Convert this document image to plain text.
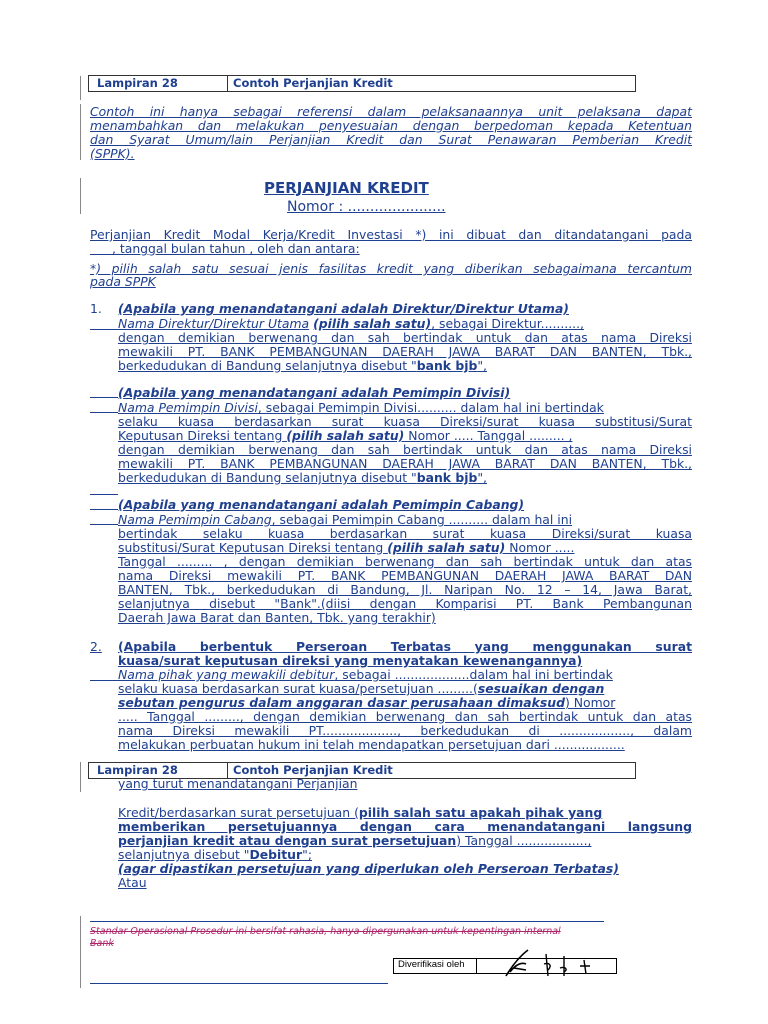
Lampiran 28	Contoh Perjanjian Kredit
Contoh ini hanya sebagai referensi dalam pelaksanaannya unit pelaksana dapat
menambahkan dan melakukan penyesuaian dengan berpedoman kepada Ketentuan
dan Syarat Umum/lain Perjanjian Kredit dan Surat Penawaran Pemberian Kredit
(SPPK).
PERJANJIAN KREDIT
Nomor : ......................
Perjanjian Kredit Modal Kerja/Kredit Investasi *) ini dibuat dan ditandatangani pada
, tanggal bulan tahun , oleh dan antara:
*) pilih salah satu sesuai jenis fasilitas kredit yang diberikan sebagaimana tercantum
pada SPPK
1. (Apabila yang menandatangani adalah Direktur/Direktur Utama)
Nama Direktur/Direktur Utama (pilih salah satu), sebagai Direktur..........,
dengan demikian berwenang dan sah bertindak untuk dan atas nama Direksi
mewakili PT. BANK PEMBANGUNAN DAERAH JAWA BARAT DAN BANTEN, Tbk.,
berkedudukan di Bandung selanjutnya disebut "bank bjb",
(Apabila yang menandatangani adalah Pemimpin Divisi)
Nama Pemimpin Divisi, sebagai Pemimpin Divisi.......... dalam hal ini bertindak
selaku kuasa berdasarkan surat kuasa Direksi/surat kuasa substitusi/Surat
Keputusan Direksi tentang (pilih salah satu) Nomor ..... Tanggal ......... ,
dengan demikian berwenang dan sah bertindak untuk dan atas nama Direksi
mewakili PT. BANK PEMBANGUNAN DAERAH JAWA BARAT DAN BANTEN, Tbk.,
berkedudukan di Bandung selanjutnya disebut "bank bjb",
(Apabila yang menandatangani adalah Pemimpin Cabang)
Nama Pemimpin Cabang, sebagai Pemimpin Cabang .......... dalam hal ini
bertindak selaku kuasa berdasarkan surat kuasa Direksi/surat kuasa
substitusi/Surat Keputusan Direksi tentang (pilih salah satu) Nomor .....
Tanggal ......... , dengan demikian berwenang dan sah bertindak untuk dan atas
nama Direksi mewakili PT. BANK PEMBANGUNAN DAERAH JAWA BARAT DAN
BANTEN, Tbk., berkedudukan di Bandung, Jl. Naripan No. 12 – 14, Jawa Barat,
selanjutnya disebut "Bank".(diisi dengan Komparisi PT. Bank Pembangunan
Daerah Jawa Barat dan Banten, Tbk. yang terakhir)
2. (Apabila berbentuk Perseroan Terbatas yang menggunakan surat
kuasa/surat keputusan direksi yang menyatakan kewenangannya)
Nama pihak yang mewakili debitur, sebagai ...................dalam hal ini bertindak
selaku kuasa berdasarkan surat kuasa/persetujuan .........(sesuaikan dengan
sebutan pengurus dalam anggaran dasar perusahaan dimaksud) Nomor
..... Tanggal ........., dengan demikian berwenang dan sah bertindak untuk dan atas
nama Direksi mewakili PT..................., berkedudukan di .................., dalam
melakukan perbuatan hukum ini telah mendapatkan persetujuan dari ..................
Lampiran 28	Contoh Perjanjian Kredit
yang turut menandatangani Perjanjian
Kredit/berdasarkan surat persetujuan (pilih salah satu apakah pihak yang
memberikan persetujuannya dengan cara menandatangani langsung
perjanjian kredit atau dengan surat persetujuan) Tanggal ..................,
selanjutnya disebut "Debitur";
(agar dipastikan persetujuan yang diperlukan oleh Perseroan Terbatas)
Atau
Standar Operasional Prosedur ini bersifat rahasia, hanya dipergunakan untuk kepentingan internal
Bank
Diverifikasi oleh
